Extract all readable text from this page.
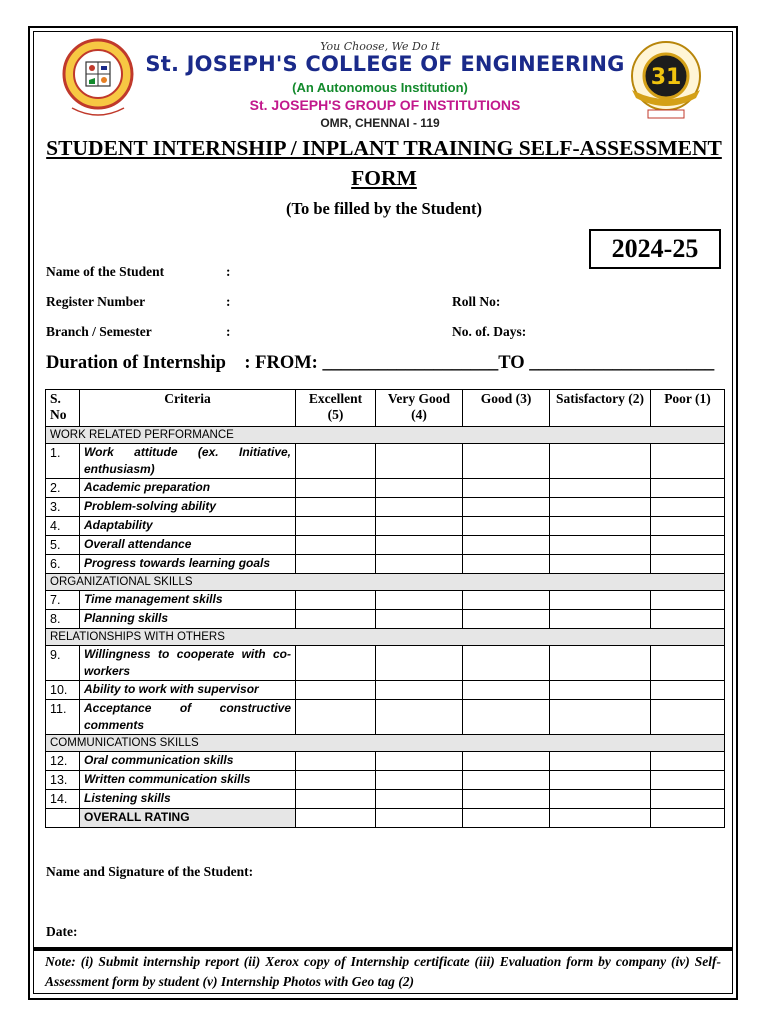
31
You Choose, We Do It
St. JOSEPH'S COLLEGE OF ENGINEERING
(An Autonomous Institution)
St. JOSEPH'S GROUP OF INSTITUTIONS
OMR, CHENNAI - 119
STUDENT INTERNSHIP / INPLANT TRAINING SELF-ASSESSMENT FORM
(To be filled by the Student)
2024-25
Name of the Student	:
Register Number	:	Roll No:
Branch / Semester	:	No. of. Days:
Duration of Internship    : FROM: ___________________TO ____________________
S. No	Criteria	Excellent (5)	Very Good (4)	Good (3)	Satisfactory (2)	Poor (1)
WORK RELATED PERFORMANCE						
1.	Work attitude (ex. Initiative, enthusiasm)					
2.	Academic preparation					
3.	Problem-solving ability					
4.	Adaptability					
5.	Overall attendance					
6.	Progress towards learning goals					
ORGANIZATIONAL SKILLS						
7.	Time management skills					
8.	Planning skills					
RELATIONSHIPS WITH OTHERS						
9.	Willingness to cooperate with co-workers					
10.	Ability to work with supervisor					
11.	Acceptance of constructive comments					
COMMUNICATIONS SKILLS						
12.	Oral communication skills					
13.	Written communication skills					
14.	Listening skills					
	OVERALL RATING					
Name and Signature of the Student:
Date:
Note: (i) Submit internship report (ii) Xerox copy of Internship certificate (iii) Evaluation form by company (iv) Self-Assessment form by student (v) Internship Photos with Geo tag (2)
